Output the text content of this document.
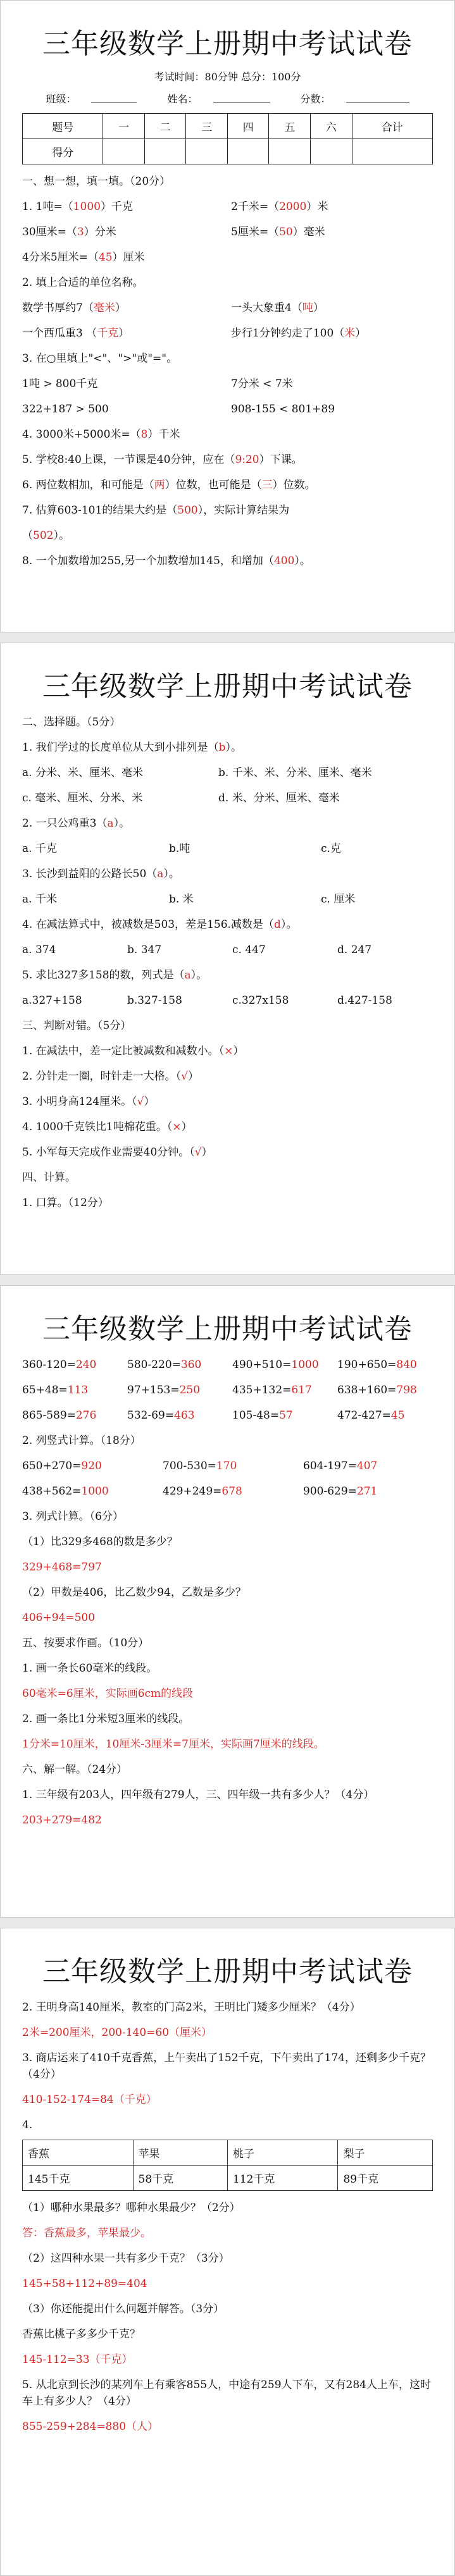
三年级数学上册期中考试试卷
考试时间：80分钟 总分：100分
班级：	姓名：	分数：
题号	一	二	三	四	五	六	合计
得分							
一、想一想，填一填。（20分）
1. 1吨=（1000）千克	2千米=（2000）米
30厘米=（3）分米	5厘米=（50）毫米
4分米5厘米=（45）厘米
2. 填上合适的单位名称。
数学书厚约7（毫米）	一头大象重4（吨）
一个西瓜重3 （千克）	步行1分钟约走了100（米）
3. 在○里填上"<"、">"或"="。
1吨 > 800千克	7分米 < 7米
322+187 > 500	908-155 < 801+89
4. 3000米+5000米=（8）千米
5. 学校8:40上课，一节课是40分钟，应在（9:20）下课。
6. 两位数相加，和可能是（两）位数，也可能是（三）位数。
7. 估算603-101的结果大约是（500），实际计算结果为
（502）。
8. 一个加数增加255,另一个加数增加145，和增加（400）。
三年级数学上册期中考试试卷
二、选择题。（5分）
1. 我们学过的长度单位从大到小排列是（b）。
a. 分米、米、厘米、毫米	b. 千米、米、分米、厘米、毫米
c. 毫米、厘米、分米、米	d. 米、分米、厘米、毫米
2. 一只公鸡重3（a）。
a. 千克	b.吨	c.克
3. 长沙到益阳的公路长50（a）。
a. 千米	b. 米	c. 厘米
4. 在减法算式中，被减数是503，差是156.减数是（d）。
a. 374	b. 347	c. 447	d. 247
5. 求比327多158的数，列式是（a）。
a.327+158	b.327-158	c.327x158	d.427-158
三、判断对错。（5分）
1. 在减法中，差一定比被减数和减数小。（×）
2. 分针走一圈，时针走一大格。（√）
3. 小明身高124厘米。（√）
4. 1000千克铁比1吨棉花重。（×）
5. 小军每天完成作业需要40分钟。（√）
四、计算。
1. 口算。（12分）
三年级数学上册期中考试试卷
360-120=240	580-220=360	490+510=1000	190+650=840
65+48=113	97+153=250	435+132=617	638+160=798
865-589=276	532-69=463	105-48=57	472-427=45
2. 列竖式计算。（18分）
650+270=920	700-530=170	604-197=407
438+562=1000	429+249=678	900-629=271
3. 列式计算。（6分）
（1）比329多468的数是多少？
329+468=797
（2）甲数是406，比乙数少94，乙数是多少？
406+94=500
五、按要求作画。（10分）
1. 画一条长60毫米的线段。
60毫米=6厘米，实际画6cm的线段
2. 画一条比1分米短3厘米的线段。
1分米=10厘米，10厘米-3厘米=7厘米，实际画7厘米的线段。
六、解一解。（24分）
1. 三年级有203人，四年级有279人，三、四年级一共有多少人？（4分）
203+279=482
三年级数学上册期中考试试卷
2. 王明身高140厘米，教室的门高2米，王明比门矮多少厘米？（4分）
2米=200厘米，200-140=60（厘米）
3. 商店运来了410千克香蕉，上午卖出了152千克，下午卖出了174，还剩多少千克？（4分）
410-152-174=84（千克）
4.
香蕉	苹果	桃子	梨子
145千克	58千克	112千克	89千克
（1）哪种水果最多？哪种水果最少？（2分）
答：香蕉最多，苹果最少。
（2）这四种水果一共有多少千克？（3分）
145+58+112+89=404
（3）你还能提出什么问题并解答。（3分）
香蕉比桃子多多少千克？
145-112=33（千克）
5. 从北京到长沙的某列车上有乘客855人，中途有259人下车，又有284人上车，这时车上有多少人？（4分）
855-259+284=880（人）
